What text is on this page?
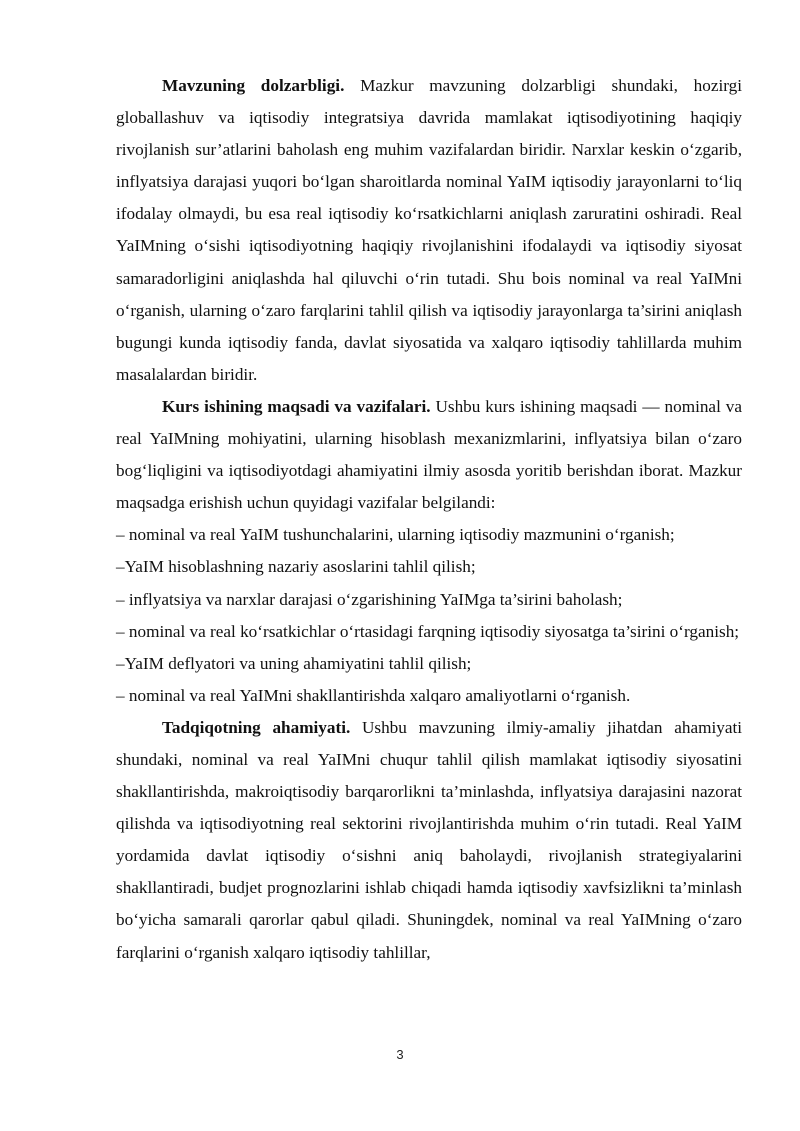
Mavzuning dolzarbligi. Mazkur mavzuning dolzarbligi shundaki, hozirgi globallashuv va iqtisodiy integratsiya davrida mamlakat iqtisodiyotining haqiqiy rivojlanish sur’atlarini baholash eng muhim vazifalardan biridir. Narxlar keskin o‘zgarib, inflyatsiya darajasi yuqori bo‘lgan sharoitlarda nominal YaIM iqtisodiy jarayonlarni to‘liq ifodalay olmaydi, bu esa real iqtisodiy ko‘rsatkichlarni aniqlash zaruratini oshiradi. Real YaIMning o‘sishi iqtisodiyotning haqiqiy rivojlanishini ifodalaydi va iqtisodiy siyosat samaradorligini aniqlashda hal qiluvchi o‘rin tutadi. Shu bois nominal va real YaIMni o‘rganish, ularning o‘zaro farqlarini tahlil qilish va iqtisodiy jarayonlarga ta’sirini aniqlash bugungi kunda iqtisodiy fanda, davlat siyosatida va xalqaro iqtisodiy tahlillarda muhim masalalardan biridir.

Kurs ishining maqsadi va vazifalari. Ushbu kurs ishining maqsadi — nominal va real YaIMning mohiyatini, ularning hisoblash mexanizmlarini, inflyatsiya bilan o‘zaro bog‘liqligini va iqtisodiyotdagi ahamiyatini ilmiy asosda yoritib berishdan iborat. Mazkur maqsadga erishish uchun quyidagi vazifalar belgilandi:

– nominal va real YaIM tushunchalarini, ularning iqtisodiy mazmunini o‘rganish;

–YaIM hisoblashning nazariy asoslarini tahlil qilish;

– inflyatsiya va narxlar darajasi o‘zgarishining YaIMga ta’sirini baholash;

– nominal va real ko‘rsatkichlar o‘rtasidagi farqning iqtisodiy siyosatga ta’sirini o‘rganish;

–YaIM deflyatori va uning ahamiyatini tahlil qilish;

– nominal va real YaIMni shakllantirishda xalqaro amaliyotlarni o‘rganish.

Tadqiqotning ahamiyati. Ushbu mavzuning ilmiy-amaliy jihatdan ahamiyati shundaki, nominal va real YaIMni chuqur tahlil qilish mamlakat iqtisodiy siyosatini shakllantirishda, makroiqtisodiy barqarorlikni ta’minlashda, inflyatsiya darajasini nazorat qilishda va iqtisodiyotning real sektorini rivojlantirishda muhim o‘rin tutadi. Real YaIM yordamida davlat iqtisodiy o‘sishni aniq baholaydi, rivojlanish strategiyalarini shakllantiradi, budjet prognozlarini ishlab chiqadi hamda iqtisodiy xavfsizlikni ta’minlash bo‘yicha samarali qarorlar qabul qiladi. Shuningdek, nominal va real YaIMning o‘zaro farqlarini o‘rganish xalqaro iqtisodiy tahlillar,

3
